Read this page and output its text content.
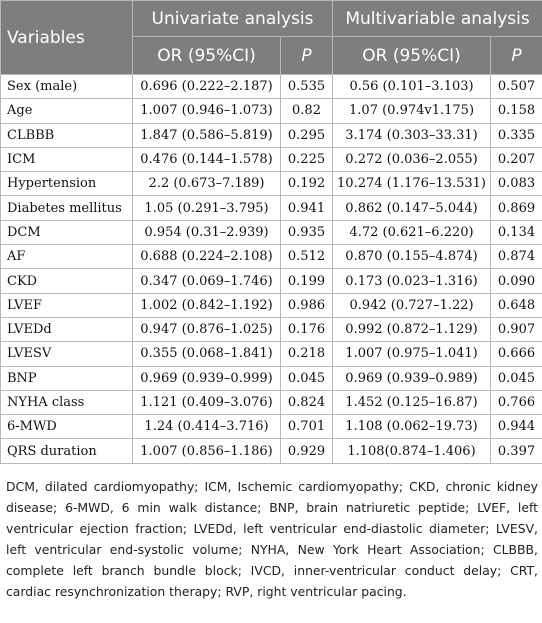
Variables	Univariate analysis		Multivariable analysis	
	OR (95%CI)	P	OR (95%CI)	P
Sex (male)	0.696 (0.222–2.187)	0.535	0.56 (0.101–3.103)	0.507
Age	1.007 (0.946–1.073)	0.82	1.07 (0.974v1.175)	0.158
CLBBB	1.847 (0.586–5.819)	0.295	3.174 (0.303–33.31)	0.335
ICM	0.476 (0.144–1.578)	0.225	0.272 (0.036–2.055)	0.207
Hypertension	2.2 (0.673–7.189)	0.192	10.274 (1.176–13.531)	0.083
Diabetes mellitus	1.05 (0.291–3.795)	0.941	0.862 (0.147–5.044)	0.869
DCM	0.954 (0.31–2.939)	0.935	4.72 (0.621–6.220)	0.134
AF	0.688 (0.224–2.108)	0.512	0.870 (0.155–4.874)	0.874
CKD	0.347 (0.069–1.746)	0.199	0.173 (0.023–1.316)	0.090
LVEF	1.002 (0.842–1.192)	0.986	0.942 (0.727–1.22)	0.648
LVEDd	0.947 (0.876–1.025)	0.176	0.992 (0.872–1.129)	0.907
LVESV	0.355 (0.068–1.841)	0.218	1.007 (0.975–1.041)	0.666
BNP	0.969 (0.939–0.999)	0.045	0.969 (0.939–0.989)	0.045
NYHA class	1.121 (0.409–3.076)	0.824	1.452 (0.125–16.87)	0.766
6-MWD	1.24 (0.414–3.716)	0.701	1.108 (0.062–19.73)	0.944
QRS duration	1.007 (0.856–1.186)	0.929	1.108(0.874–1.406)	0.397

DCM, dilated cardiomyopathy; ICM, Ischemic cardiomyopathy; CKD, chronic kidney disease; 6-MWD, 6 min walk distance; BNP, brain natriuretic peptide; LVEF, left ventricular ejection fraction; LVEDd, left ventricular end-diastolic diameter; LVESV, left ventricular end-systolic volume; NYHA, New York Heart Association; CLBBB, complete left branch bundle block; IVCD, inner-ventricular conduct delay; CRT, cardiac resynchronization therapy; RVP, right ventricular pacing.
